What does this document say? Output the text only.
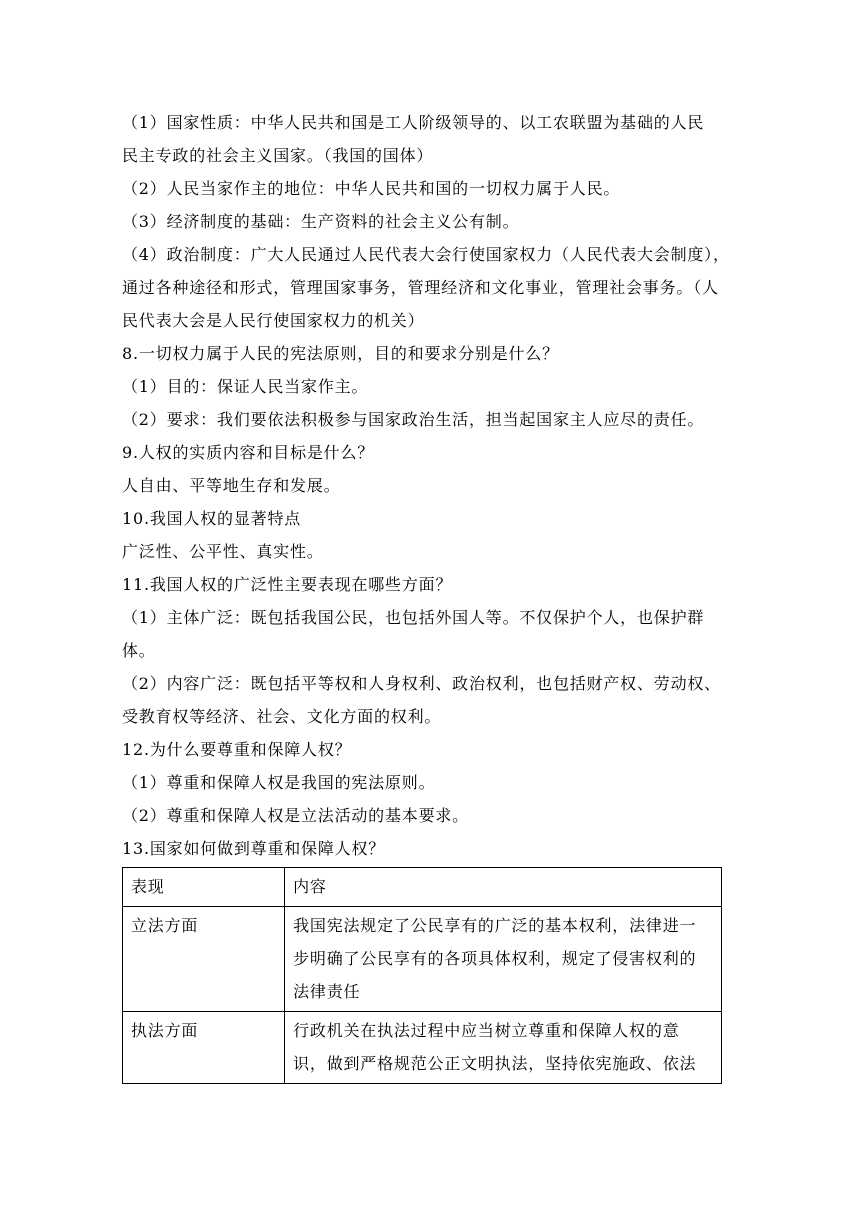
（1）国家性质：中华人民共和国是工人阶级领导的、以工农联盟为基础的人民
民主专政的社会主义国家。（我国的国体）
（2）人民当家作主的地位：中华人民共和国的一切权力属于人民。
（3）经济制度的基础：生产资料的社会主义公有制。
（4）政治制度：广大人民通过人民代表大会行使国家权力（人民代表大会制度），
通过各种途径和形式，管理国家事务，管理经济和文化事业，管理社会事务。（人
民代表大会是人民行使国家权力的机关）
8.一切权力属于人民的宪法原则，目的和要求分别是什么？
（1）目的：保证人民当家作主。
（2）要求：我们要依法积极参与国家政治生活，担当起国家主人应尽的责任。
9.人权的实质内容和目标是什么？
人自由、平等地生存和发展。
10.我国人权的显著特点
广泛性、公平性、真实性。
11.我国人权的广泛性主要表现在哪些方面？
（1）主体广泛：既包括我国公民，也包括外国人等。不仅保护个人，也保护群
体。
（2）内容广泛：既包括平等权和人身权利、政治权利，也包括财产权、劳动权、
受教育权等经济、社会、文化方面的权利。
12.为什么要尊重和保障人权？
（1）尊重和保障人权是我国的宪法原则。
（2）尊重和保障人权是立法活动的基本要求。
13.国家如何做到尊重和保障人权？
表现	内容
立法方面	我国宪法规定了公民享有的广泛的基本权利，法律进一
步明确了公民享有的各项具体权利，规定了侵害权利的
法律责任

执法方面	行政机关在执法过程中应当树立尊重和保障人权的意
识，做到严格规范公正文明执法，坚持依宪施政、依法
